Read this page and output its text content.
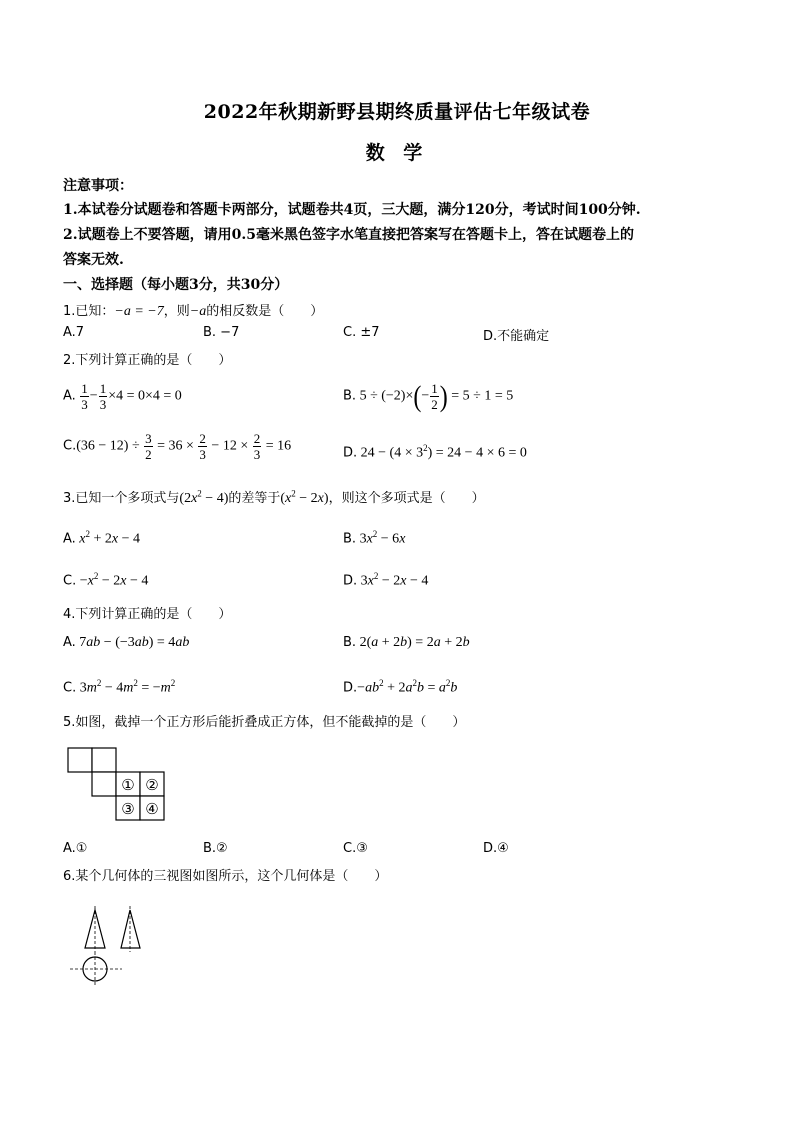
2022年秋期新野县期终质量评估七年级试卷
数 学
注意事项：
1.本试卷分试题卷和答题卡两部分，试题卷共4页，三大题，满分120分，考试时间100分钟.
2.试题卷上不要答题，请用0.5毫米黑色签字水笔直接把答案写在答题卡上，答在试题卷上的
答案无效.
一、选择题（每小题3分，共30分）
1.已知：−a = −7，则−a的相反数是（　　）
A.7	B. −7	C. ±7	D.不能确定
2.下列计算正确的是（　　）
A. $\frac{1}{3} - \frac{1}{3} \times 4 = 0\times 4 = 0$	B. $5 \div (-2)\times(- \frac{1}{2}$ ) = 5 ÷ 1 = 5
$C.(36 - 12) \div \frac{3}{2} = 36 \times \frac{2}{3} - 12 \times \frac{2}{3} = 16$	D. $24 - (4 \times 3^2) = 24 - 4 \times 6 = 0$
3.已知一个多项式与$(2x^2 - 4)$的差等于$(x^2 - 2x)$，则这个多项式是（　　）
A. $x^2 + 2x - 4$	B. $3x^2 - 6x$
C. $-x^2 - 2x - 4$	D. $3x^2 - 2x - 4$
4.下列计算正确的是（　　）
A. 7ab − (−3ab) = 4ab	B. 2(a + 2b) = 2a + 2b
C. $3m^2 - 4m^2 = -m^2$	$D.-ab^2 + 2a^2b = a^2b$
5.如图，截掉一个正方形后能折叠成正方体，但不能截掉的是（　　）
① ②
③ ④
A.①	B.②	C.③	D.④
6.某个几何体的三视图如图所示，这个几何体是（　　）
